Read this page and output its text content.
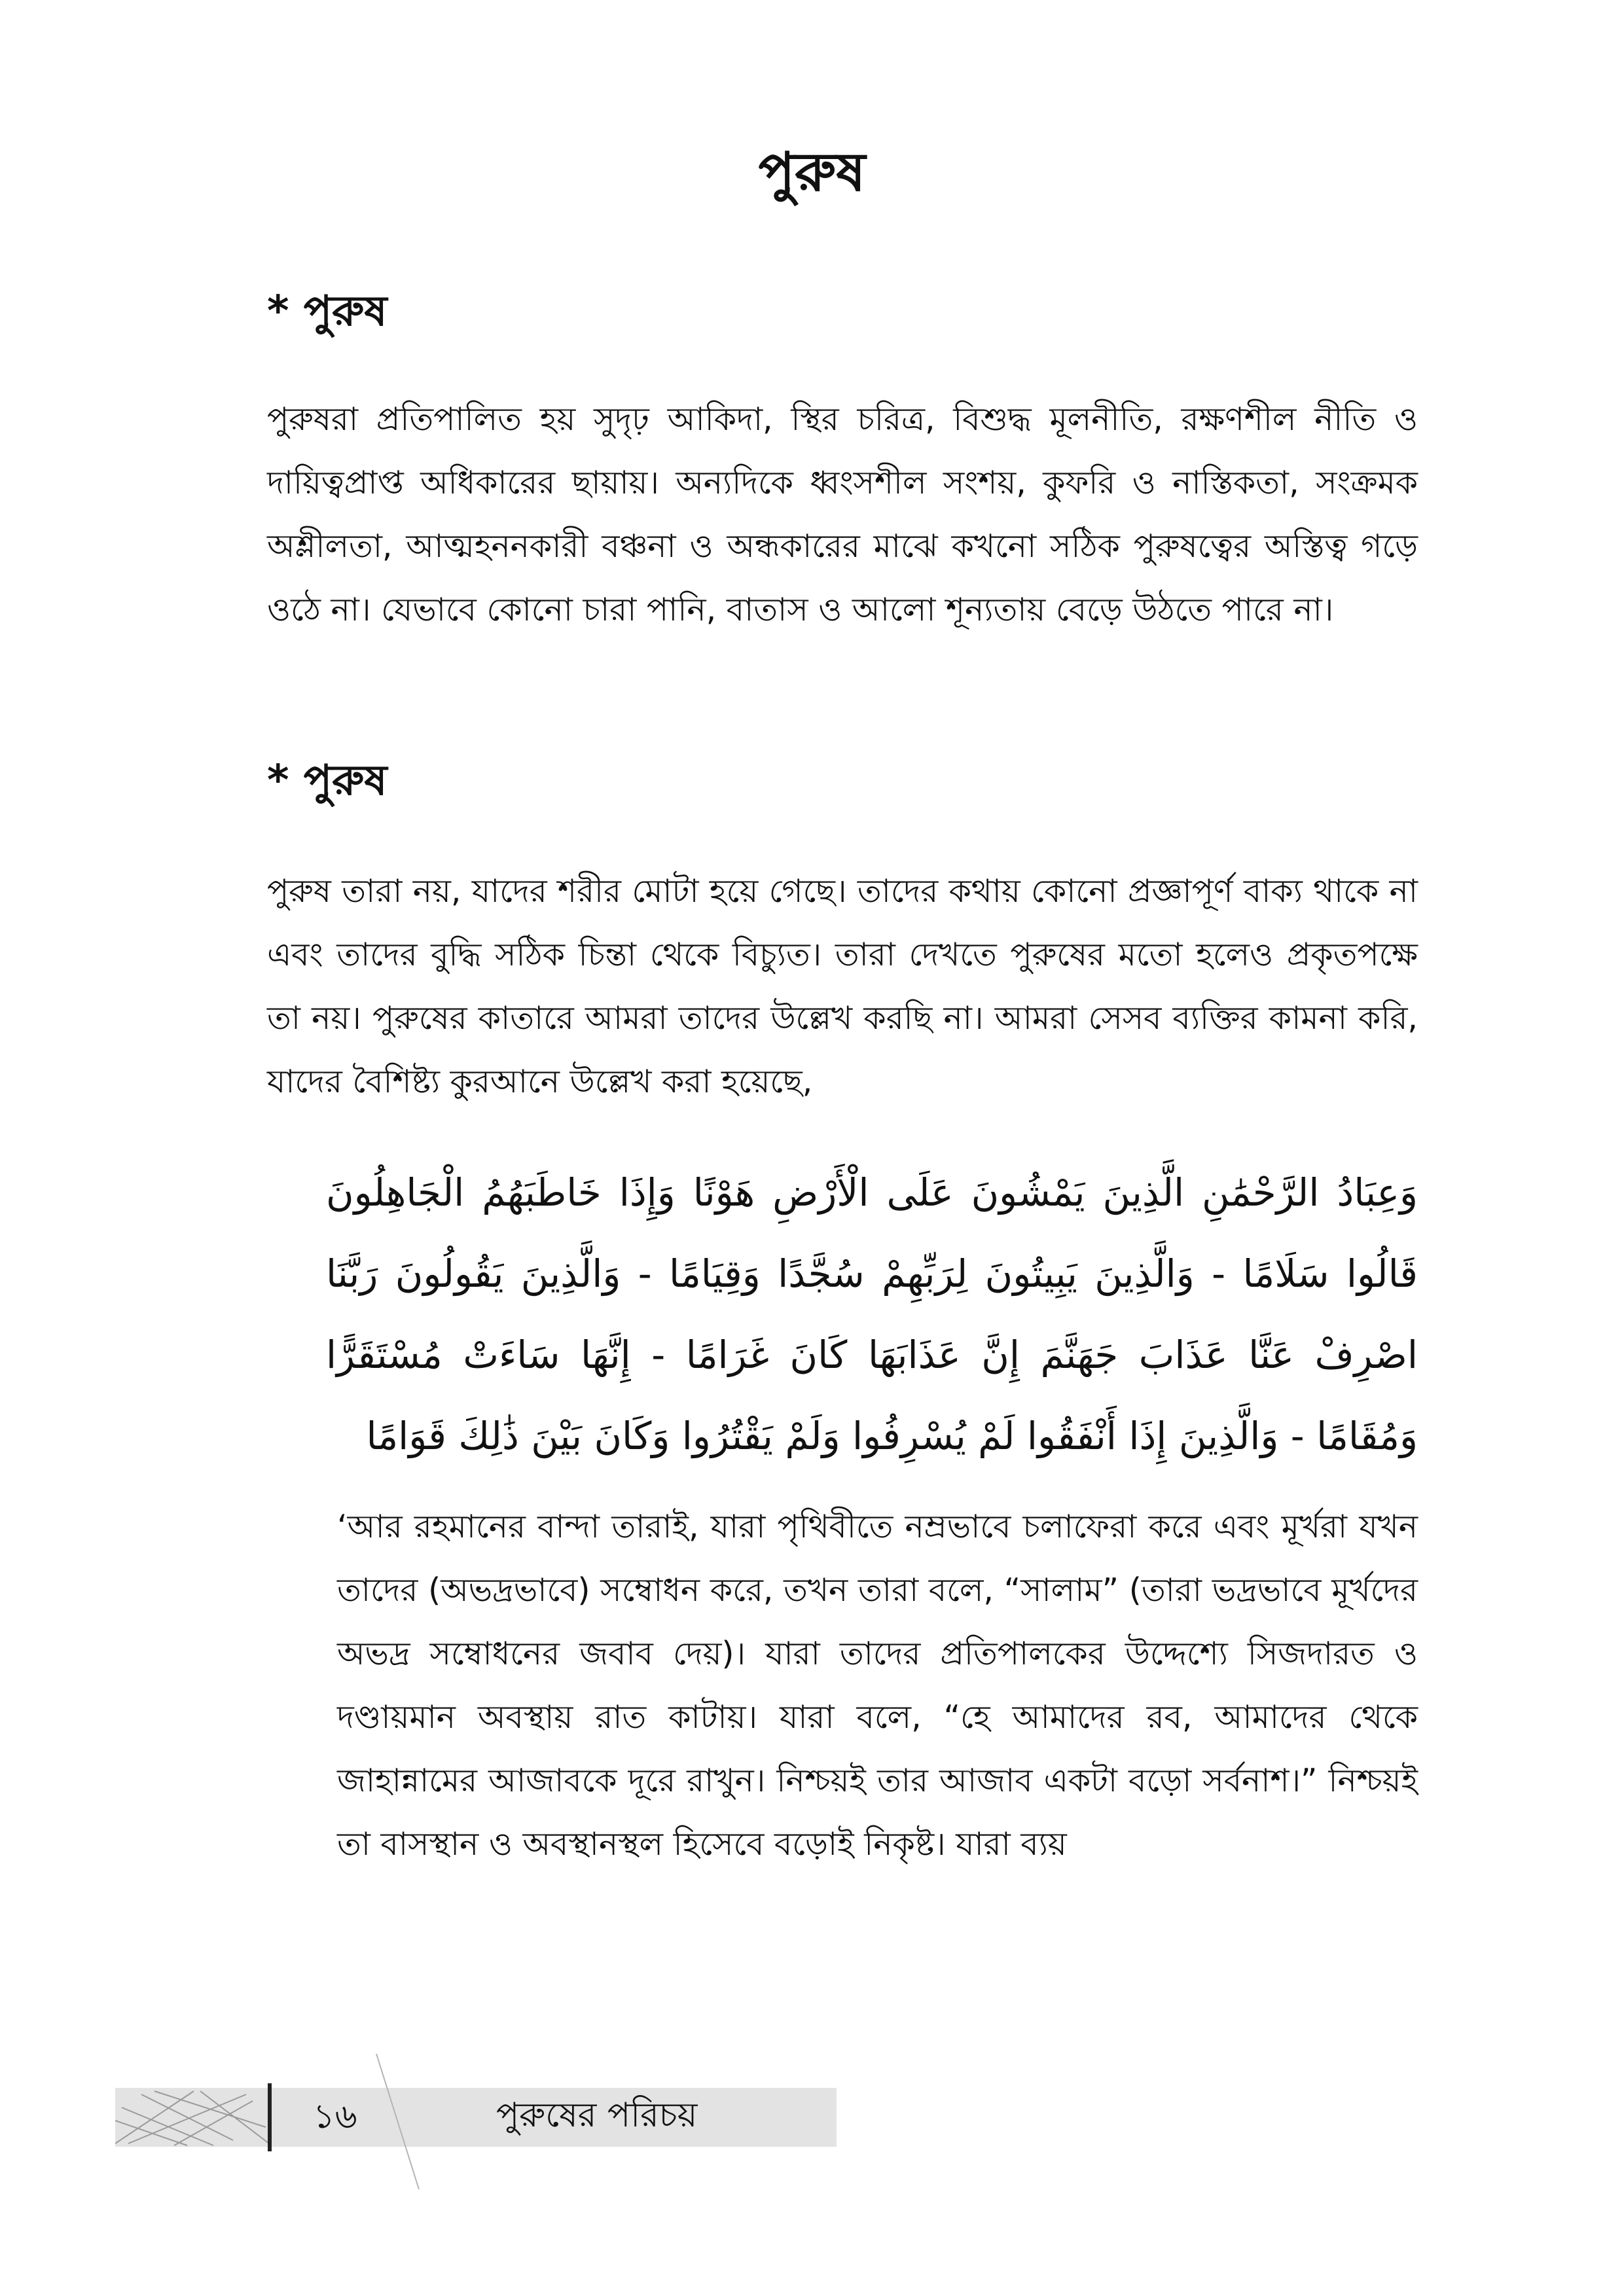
পুরুষ
* পুরুষ
পুরুষরা প্রতিপালিত হয় সুদৃঢ় আকিদা, স্থির চরিত্র, বিশুদ্ধ মূলনীতি, রক্ষণশীল নীতি ও দায়িত্বপ্রাপ্ত অধিকারের ছায়ায়। অন্যদিকে ধ্বংসশীল সংশয়, কুফরি ও নাস্তিকতা, সংক্রমক অশ্লীলতা, আত্মহননকারী বঞ্চনা ও অন্ধকারের মাঝে কখনো সঠিক পুরুষত্বের অস্তিত্ব গড়ে ওঠে না। যেভাবে কোনো চারা পানি, বাতাস ও আলো শূন্যতায় বেড়ে উঠতে পারে না।
* পুরুষ
পুরুষ তারা নয়, যাদের শরীর মোটা হয়ে গেছে। তাদের কথায় কোনো প্রজ্ঞাপূর্ণ বাক্য থাকে না এবং তাদের বুদ্ধি সঠিক চিন্তা থেকে বিচ্যুত। তারা দেখতে পুরুষের মতো হলেও প্রকৃতপক্ষে তা নয়। পুরুষের কাতারে আমরা তাদের উল্লেখ করছি না। আমরা সেসব ব্যক্তির কামনা করি, যাদের বৈশিষ্ট্য কুরআনে উল্লেখ করা হয়েছে,
وَعِبَادُ الرَّحْمَٰنِ الَّذِينَ يَمْشُونَ عَلَى الْأَرْضِ هَوْنًا وَإِذَا خَاطَبَهُمُ الْجَاهِلُونَ قَالُوا سَلَامًا - وَالَّذِينَ يَبِيتُونَ لِرَبِّهِمْ سُجَّدًا وَقِيَامًا - وَالَّذِينَ يَقُولُونَ رَبَّنَا اصْرِفْ عَنَّا عَذَابَ جَهَنَّمَ إِنَّ عَذَابَهَا كَانَ غَرَامًا - إِنَّهَا سَاءَتْ مُسْتَقَرًّا وَمُقَامًا - وَالَّذِينَ إِذَا أَنْفَقُوا لَمْ يُسْرِفُوا وَلَمْ يَقْتُرُوا وَكَانَ بَيْنَ ذَٰلِكَ قَوَامًا
‘আর রহমানের বান্দা তারাই, যারা পৃথিবীতে নম্রভাবে চলাফেরা করে এবং মূর্খরা যখন তাদের (অভদ্রভাবে) সম্বোধন করে, তখন তারা বলে, “সালাম” (তারা ভদ্রভাবে মূর্খদের অভদ্র সম্বোধনের জবাব দেয়)। যারা তাদের প্রতিপালকের উদ্দেশ্যে সিজদারত ও দণ্ডায়মান অবস্থায় রাত কাটায়। যারা বলে, “হে আমাদের রব, আমাদের থেকে জাহান্নামের আজাবকে দূরে রাখুন। নিশ্চয়ই তার আজাব একটা বড়ো সর্বনাশ।” নিশ্চয়ই তা বাসস্থান ও অবস্থানস্থল হিসেবে বড়োই নিকৃষ্ট। যারা ব্যয়
১৬	পুরুষের পরিচয়
